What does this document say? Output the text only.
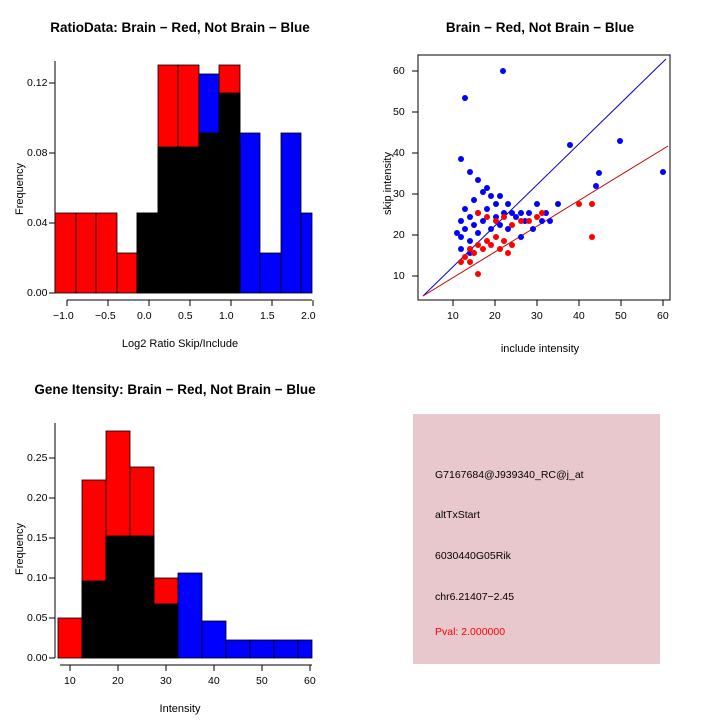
RatioData: Brain − Red, Not Brain − Blue
Frequency
Log2 Ratio Skip/Include
0.00
0.04
0.08
0.12
−1.0 −0.5 0.0	0.5	1.0	1.5	2.0
Brain − Red, Not Brain − Blue
skip intensity
include intensity
10
20
30
40
50
60
10	20	30	40	50	60
Gene Itensity: Brain − Red, Not Brain − Blue
Frequency
Intensity
0.00
0.05
0.10
0.15
0.20
0.25
10	20	30	40	50	60
G7167684@J939340_RC@j_at
altTxStart
6030440G05Rik
chr6.21407−2.45
Pval: 2.000000
